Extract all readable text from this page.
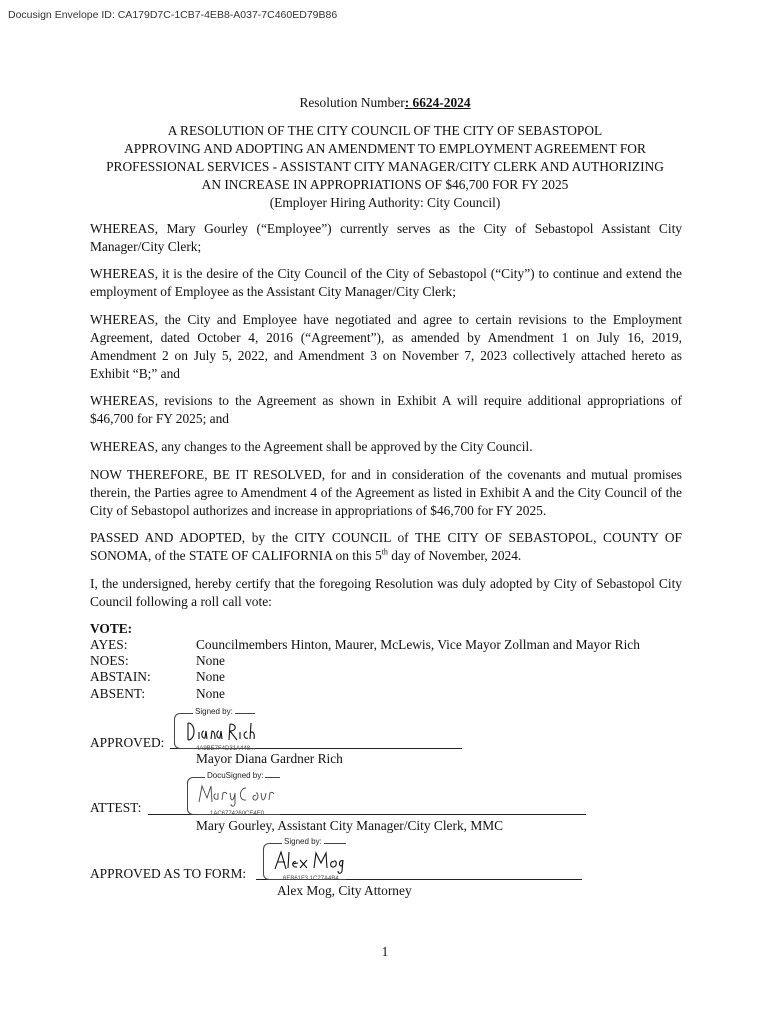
Docusign Envelope ID: CA179D7C-1CB7-4EB8-A037-7C460ED79B86
Resolution Number: 6624-2024
A RESOLUTION OF THE CITY COUNCIL OF THE CITY OF SEBASTOPOL
APPROVING AND ADOPTING AN AMENDMENT TO EMPLOYMENT AGREEMENT FOR
PROFESSIONAL SERVICES - ASSISTANT CITY MANAGER/CITY CLERK AND AUTHORIZING
AN INCREASE IN APPROPRIATIONS OF $46,700 FOR FY 2025
(Employer Hiring Authority: City Council)

WHEREAS, Mary Gourley (“Employee”) currently serves as the City of Sebastopol Assistant City Manager/City Clerk;

WHEREAS, it is the desire of the City Council of the City of Sebastopol (“City”) to continue and extend the employment of Employee as the Assistant City Manager/City Clerk;

WHEREAS, the City and Employee have negotiated and agree to certain revisions to the Employment Agreement, dated October 4, 2016 (“Agreement”), as amended by Amendment 1 on July 16, 2019, Amendment 2 on July 5, 2022, and Amendment 3 on November 7, 2023 collectively attached hereto as Exhibit “B;” and

WHEREAS, revisions to the Agreement as shown in Exhibit A will require additional appropriations of $46,700 for FY 2025; and

WHEREAS, any changes to the Agreement shall be approved by the City Council.

NOW THEREFORE, BE IT RESOLVED, for and in consideration of the covenants and mutual promises therein, the Parties agree to Amendment 4 of the Agreement as listed in Exhibit A and the City Council of the City of Sebastopol authorizes and increase in appropriations of $46,700 for FY 2025.

PASSED AND ADOPTED, by the CITY COUNCIL of THE CITY OF SEBASTOPOL, COUNTY OF SONOMA, of the STATE OF CALIFORNIA on this 5th day of November, 2024.

I, the undersigned, hereby certify that the foregoing Resolution was duly adopted by City of Sebastopol City Council following a roll call vote:

VOTE:
AYES:	Councilmembers Hinton, Maurer, McLewis, Vice Mayor Zollman and Mayor Rich
NOES:	None
ABSTAIN:	None
ABSENT:	None
APPROVED:
Signed by:
4A9BE7F4D31A448...
Mayor Diana Gardner Rich
ATTEST:
DocuSigned by:
1AC6774260CE4E0...
Mary Gourley, Assistant City Manager/City Clerk, MMC
APPROVED AS TO FORM:
Signed by:
6EB61F3 1C27A4B4...
Alex Mog, City Attorney
1
